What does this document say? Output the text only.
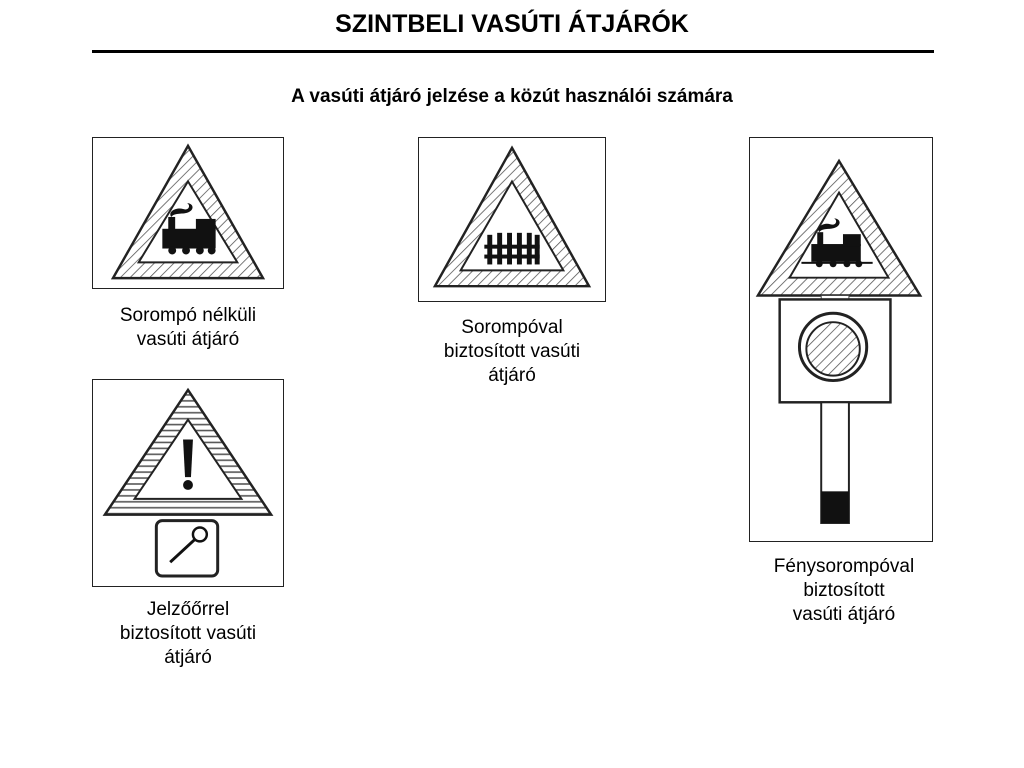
SZINTBELI VASÚTI ÁTJÁRÓK
A vasúti átjáró jelzése a közút használói számára
Sorompó nélküli
vasúti átjáró
Sorompóval
biztosított vasúti
átjáró
Jelzőőrrel
biztosított vasúti
átjáró
Fénysorompóval
biztosított
vasúti átjáró
